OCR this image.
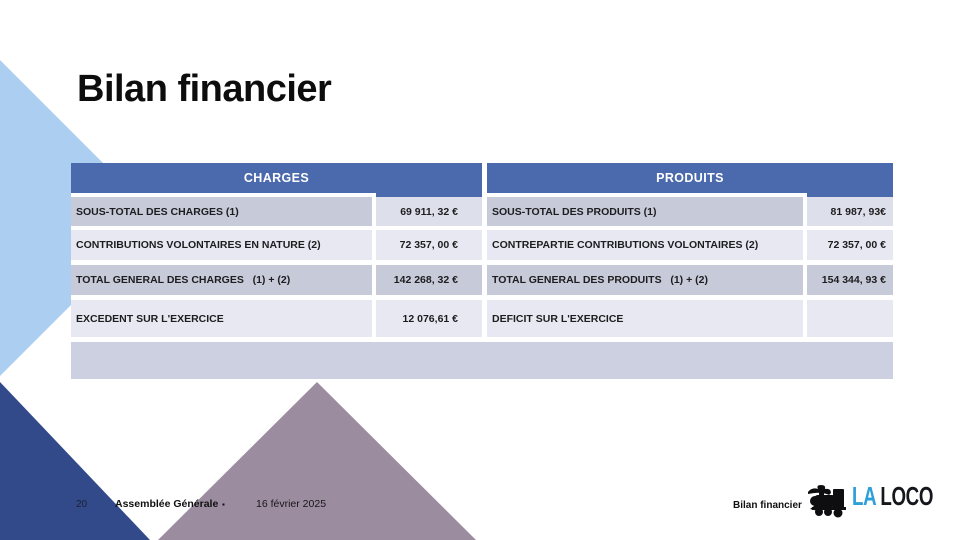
Bilan financier
CHARGES	PRODUITS
SOUS-TOTAL DES CHARGES (1)	69 911, 32 €	SOUS-TOTAL DES PRODUITS (1)	81 987, 93€
CONTRIBUTIONS VOLONTAIRES EN NATURE (2)	72 357, 00 €	CONTREPARTIE CONTRIBUTIONS VOLONTAIRES (2)	72 357, 00 €
TOTAL GENERAL DES CHARGES   (1) + (2)	142 268, 32 €	TOTAL GENERAL DES PRODUITS   (1) + (2)	154 344, 93 €
EXCEDENT SUR L'EXERCICE	12 076,61 €	DEFICIT SUR L'EXERCICE
20	Assemblée Générale ▪	16 février 2025	Bilan financier LA LOCO
